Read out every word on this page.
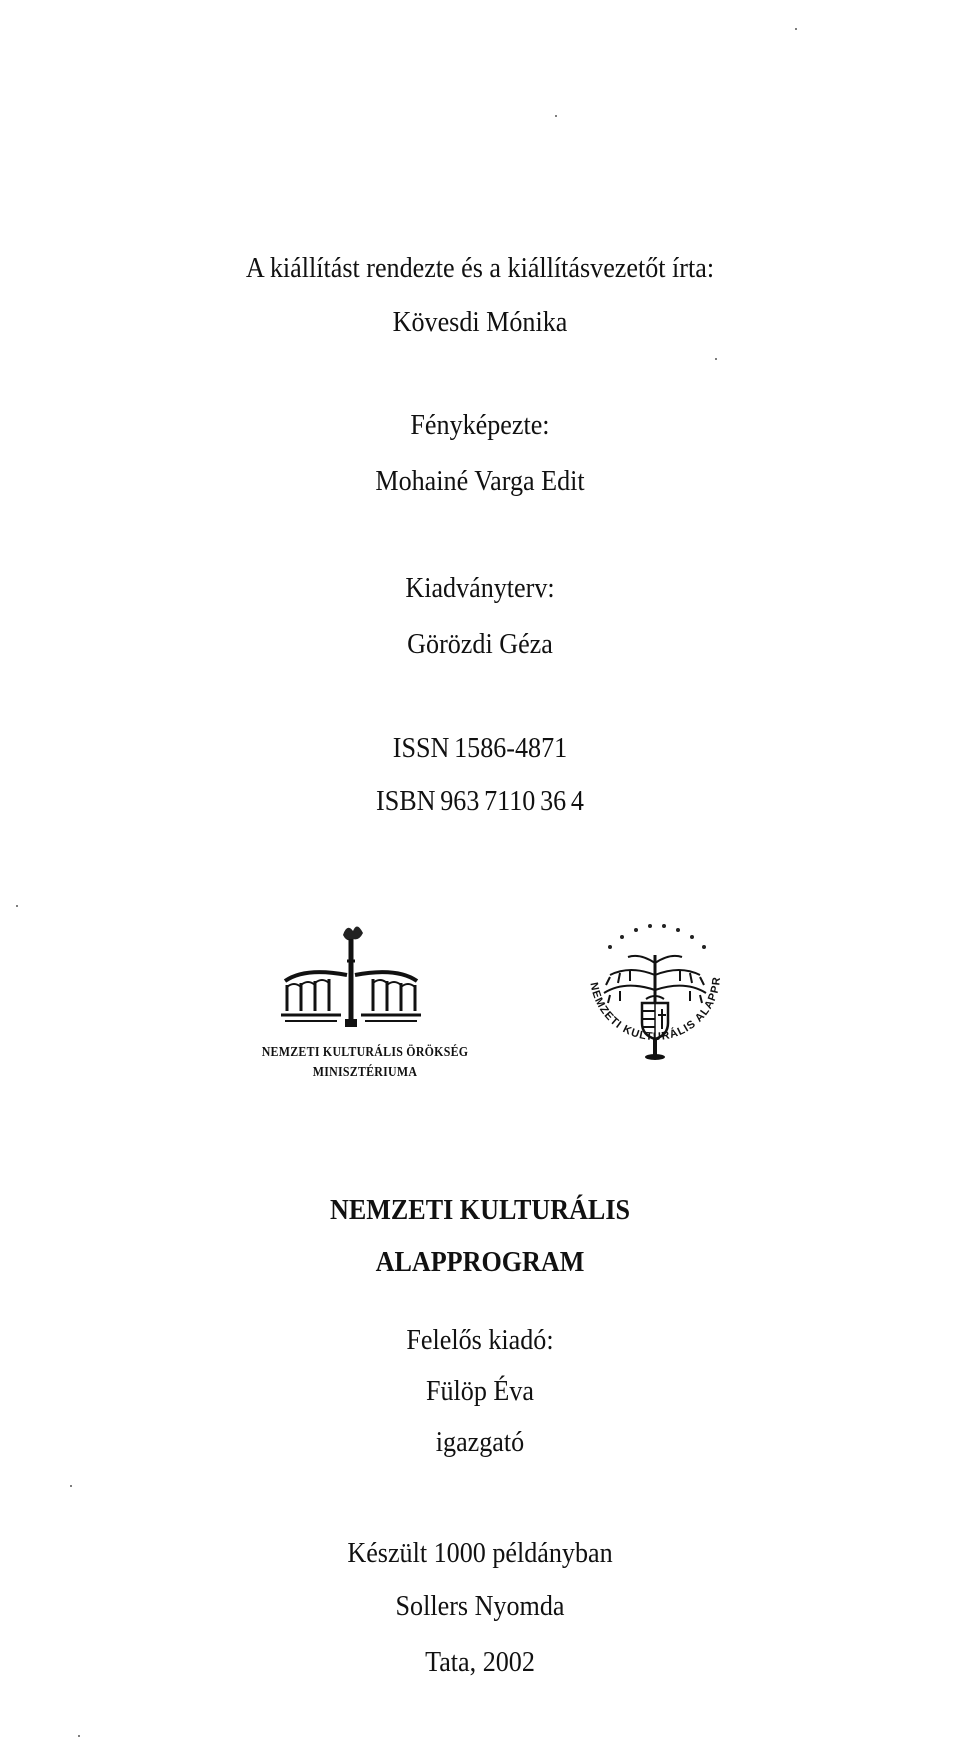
A kiállítást rendezte és a kiállításvezetőt írta:
Kövesdi Mónika
Fényképezte:
Mohainé Varga Edit
Kiadványterv:
Görözdi Géza
ISSN 1586-4871
ISBN 963 7110 36 4
NEMZETI KULTURÁLIS ÖRÖKSÉG
MINISZTÉRIUMA
NEMZETI KULTURÁLIS ALAPPR
NEMZETI KULTURÁLIS
ALAPPROGRAM
Felelős kiadó:
Fülöp Éva
igazgató
Készült 1000 példányban
Sollers Nyomda
Tata, 2002
